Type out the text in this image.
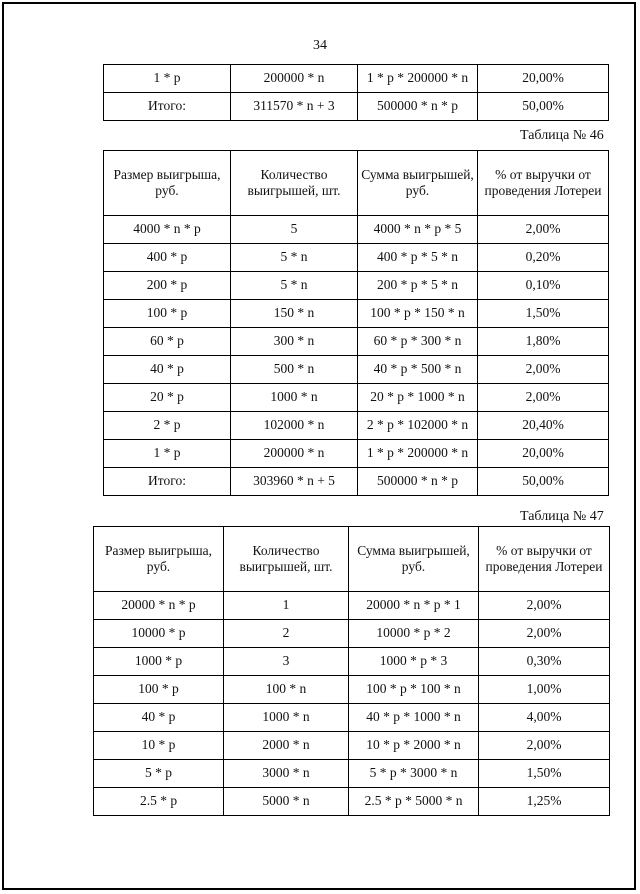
34
1 * p	200000 * n	1 * p * 200000 * n	20,00%
Итого:	311570 * n + 3	500000 * n * p	50,00%
Таблица № 46
Размер выигрыша, руб.	Количество выигрышей, шт.	Сумма выигрышей, руб.	% от выручки от проведения Лотереи
4000 * n * p	5	4000 * n * p * 5	2,00%
400 * p	5 * n	400 * p * 5 * n	0,20%
200 * p	5 * n	200 * p * 5 * n	0,10%
100 * p	150 * n	100 * p * 150 * n	1,50%
60 * p	300 * n	60 * p * 300 * n	1,80%
40 * p	500 * n	40 * p * 500 * n	2,00%
20 * p	1000 * n	20 * p * 1000 * n	2,00%
2 * p	102000 * n	2 * p * 102000 * n	20,40%
1 * p	200000 * n	1 * p * 200000 * n	20,00%
Итого:	303960 * n + 5	500000 * n * p	50,00%
Таблица № 47
Размер выигрыша, руб.	Количество выигрышей, шт.	Сумма выигрышей, руб.	% от выручки от проведения Лотереи
20000 * n * p	1	20000 * n * p * 1	2,00%
10000 * p	2	10000 * p * 2	2,00%
1000 * p	3	1000 * p * 3	0,30%
100 * p	100 * n	100 * p * 100 * n	1,00%
40 * p	1000 * n	40 * p * 1000 * n	4,00%
10 * p	2000 * n	10 * p * 2000 * n	2,00%
5 * p	3000 * n	5 * p * 3000 * n	1,50%
2.5 * p	5000 * n	2.5 * p * 5000 * n	1,25%
